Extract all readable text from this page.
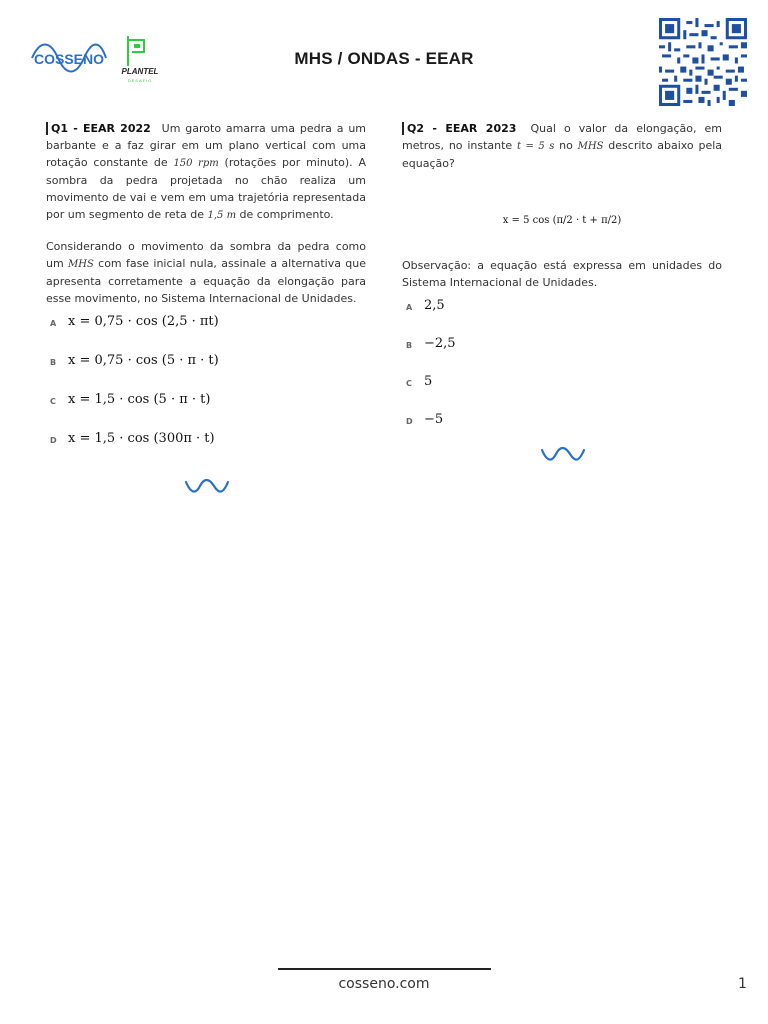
COSSENO
PLANTEL
DESAFIO
MHS / ONDAS - EEAR

Q1 - EEAR 2022 Um garoto amarra uma pedra a um barbante e a faz girar em um plano vertical com uma rotação constante de 150 rpm (rotações por minuto). A sombra da pedra projetada no chão realiza um movimento de vai e vem em uma trajetória representada por um segmento de reta de 1,5 m de comprimento.

Considerando o movimento da sombra da pedra como um MHS com fase inicial nula, assinale a alternativa que apresenta corretamente a equação da elongação para esse movimento, no Sistema Internacional de Unidades.

A x = 0,75 · cos (2,5 · πt)
B x = 0,75 · cos (5 · π · t)
C x = 1,5 · cos (5 · π · t)
D x = 1,5 · cos (300π · t)

Q2 - EEAR 2023 Qual o valor da elongação, em metros, no instante t = 5 s no MHS descrito abaixo pela equação?

x = 5 cos (π/2 · t + π/2)

Observação: a equação está expressa em unidades do Sistema Internacional de Unidades.

A 2,5
B −2,5
C 5
D −5
cosseno.com	1
